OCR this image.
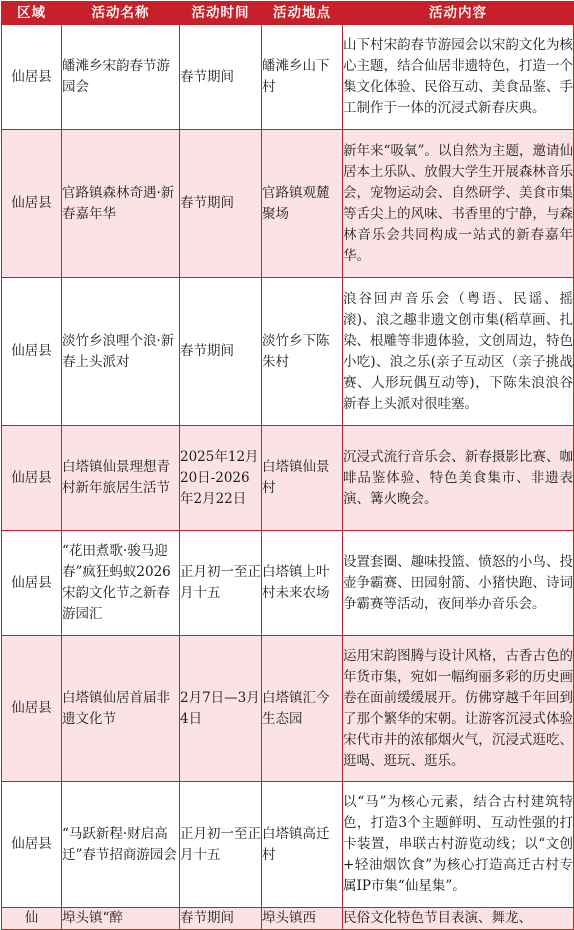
区域	活动名称	活动时间	活动地点	活动内容
仙居县	皤滩乡宋韵春节游园会	春节期间	皤滩乡山下村	山下村宋韵春节游园会以宋韵文化为核心主题，结合仙居非遗特色，打造一个集文化体验、民俗互动、美食品鉴、手工制作于一体的沉浸式新春庆典。
仙居县	官路镇森林奇遇·新春嘉年华	春节期间	官路镇观麓聚场	新年来“吸氧”。以自然为主题，邀请仙居本土乐队、放假大学生开展森林音乐会，宠物运动会、自然研学、美食市集等舌尖上的风味、书香里的宁静，与森林音乐会共同构成一站式的新春嘉年华。
仙居县	淡竹乡浪哩个浪·新春上头派对	春节期间	淡竹乡下陈朱村	浪谷回声音乐会（粤语、民谣、摇滚)、浪之趣非遗文创市集(稻草画、扎染、根雕等非遗体验，文创周边，特色小吃)、浪之乐(亲子互动区（亲子挑战赛、人形玩偶互动等)，下陈朱浪浪谷新春上头派对很哇塞。
仙居县	白塔镇仙景理想青村新年旅居生活节	2025年12月20日-2026年2月22日	白塔镇仙景村	沉浸式流行音乐会、新春摄影比赛、咖啡品鉴体验、特色美食集市、非遗表演、篝火晚会。
仙居县	“花田煮歌·骏马迎春”疯狂蚂蚁2026宋韵文化节之新春游园汇	正月初一至正月十五	白塔镇上叶村未来农场	设置套圈、趣味投篮、愤怒的小鸟、投壶争霸赛、田园射箭、小猪快跑、诗词争霸赛等活动，夜间举办音乐会。
仙居县	白塔镇仙居首届非遗文化节	2月7日—3月4日	白塔镇汇今生态园	运用宋韵图腾与设计风格，古香古色的年货市集，宛如一幅绚丽多彩的历史画卷在面前缓缓展开。仿佛穿越千年回到了那个繁华的宋朝。让游客沉浸式体验宋代市井的浓郁烟火气，沉浸式逛吃、逛喝、逛玩、逛乐。
仙居县	“马跃新程·财启高迁”春节招商游园会	正月初一至正月十五	白塔镇高迁村	以“马”为核心元素，结合古村建筑特色，打造3个主题鲜明、互动性强的打卡装置，串联古村游览动线；以“文创+轻油烟饮食”为核心打造高迁古村专属IP市集“仙星集”。
仙	埠头镇“醉	春节期间	埠头镇西	民俗文化特色节目表演、舞龙、
